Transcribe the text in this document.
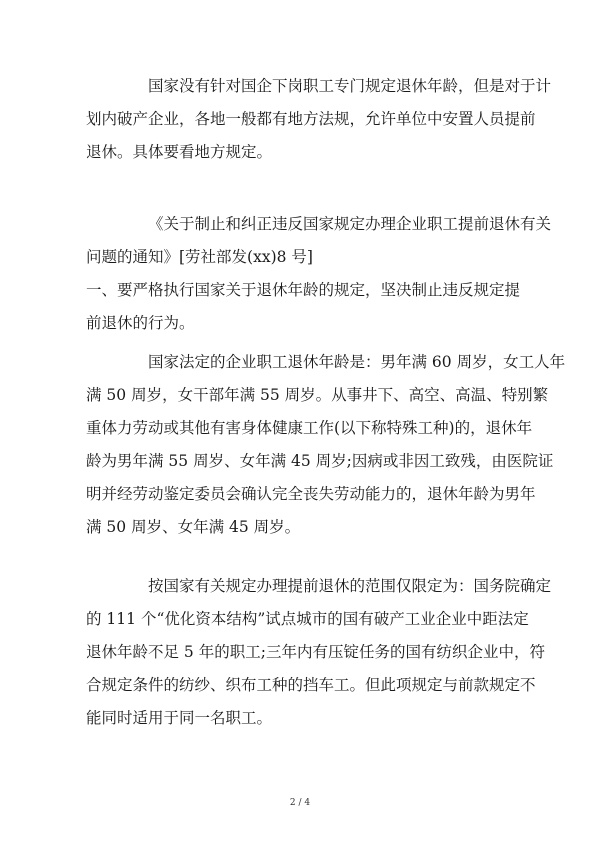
国家没有针对国企下岗职工专门规定退休年龄，但是对于计
划内破产企业，各地一般都有地方法规，允许单位中安置人员提前
退休。具体要看地方规定。

《关于制止和纠正违反国家规定办理企业职工提前退休有关
问题的通知》[劳社部发(xx)8 号]
一、要严格执行国家关于退休年龄的规定，坚决制止违反规定提
前退休的行为。

国家法定的企业职工退休年龄是：男年满 60 周岁，女工人年
满 50 周岁，女干部年满 55 周岁。从事井下、高空、高温、特别繁
重体力劳动或其他有害身体健康工作(以下称特殊工种)的，退休年
龄为男年满 55 周岁、女年满 45 周岁;因病或非因工致残，由医院证
明并经劳动鉴定委员会确认完全丧失劳动能力的，退休年龄为男年
满 50 周岁、女年满 45 周岁。

按国家有关规定办理提前退休的范围仅限定为：国务院确定
的 111 个“优化资本结构”试点城市的国有破产工业企业中距法定
退休年龄不足 5 年的职工;三年内有压锭任务的国有纺织企业中，符
合规定条件的纺纱、织布工种的挡车工。但此项规定与前款规定不
能同时适用于同一名职工。

2 / 4
